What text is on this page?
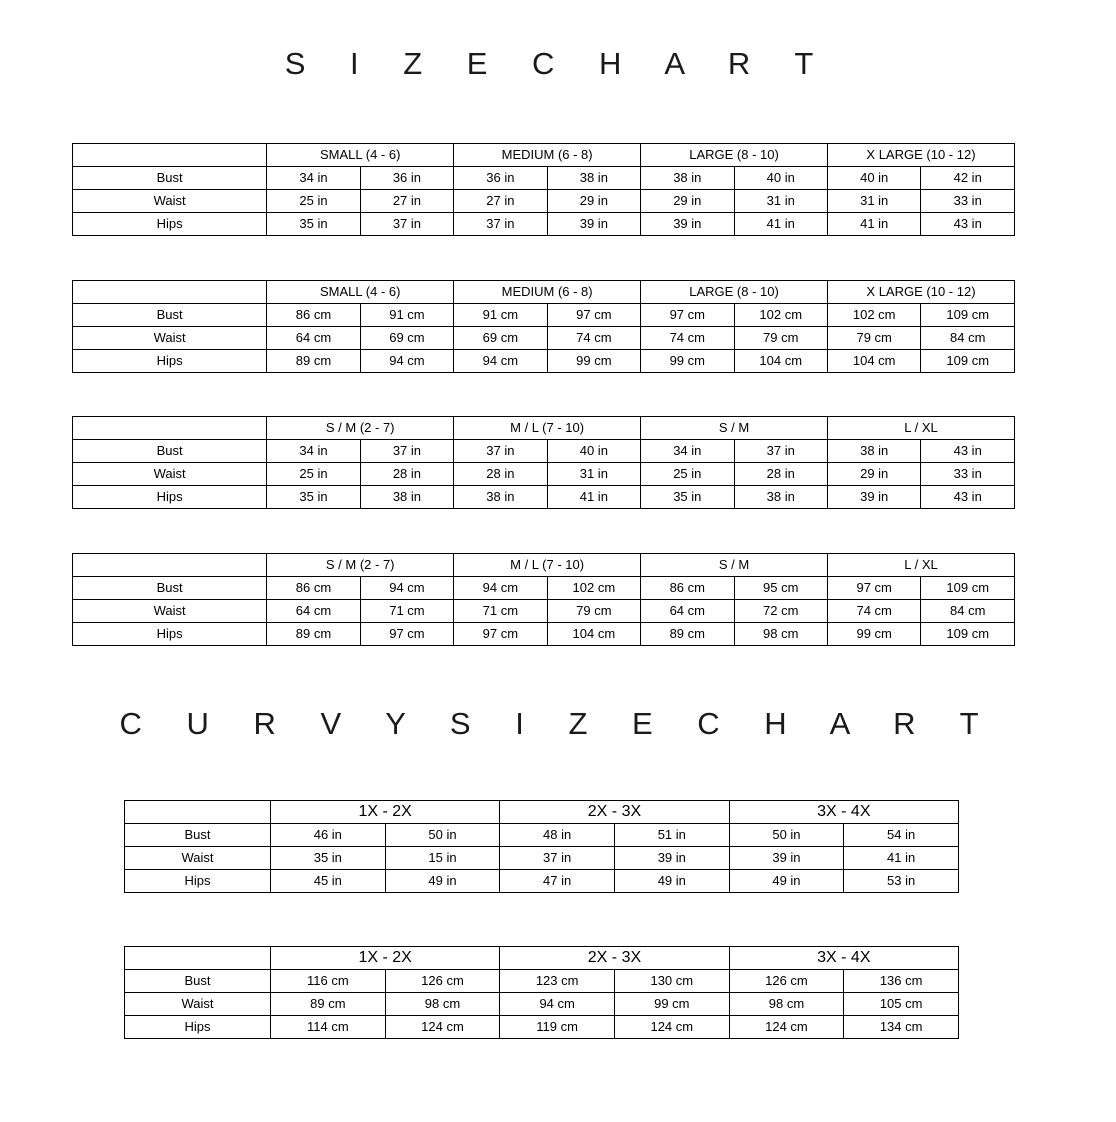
S I Z E C H A R T
	SMALL (4 - 6)		MEDIUM (6 - 8)		LARGE (8 - 10)		X LARGE (10 - 12)	
Bust	34 in	36 in	36 in	38 in	38 in	40 in	40 in	42 in
Waist	25 in	27 in	27 in	29 in	29 in	31 in	31 in	33 in
Hips	35 in	37 in	37 in	39 in	39 in	41 in	41 in	43 in
	SMALL (4 - 6)		MEDIUM (6 - 8)		LARGE (8 - 10)		X LARGE (10 - 12)	
Bust	86 cm	91 cm	91 cm	97 cm	97 cm	102 cm	102 cm	109 cm
Waist	64 cm	69 cm	69 cm	74 cm	74 cm	79 cm	79 cm	84 cm
Hips	89 cm	94 cm	94 cm	99 cm	99 cm	104 cm	104 cm	109 cm
	S / M (2 - 7)		M / L (7 - 10)		S / M		L / XL	
Bust	34 in	37 in	37 in	40 in	34 in	37 in	38 in	43 in
Waist	25 in	28 in	28 in	31 in	25 in	28 in	29 in	33 in
Hips	35 in	38 in	38 in	41 in	35 in	38 in	39 in	43 in
	S / M (2 - 7)		M / L (7 - 10)		S / M		L / XL	
Bust	86 cm	94 cm	94 cm	102 cm	86 cm	95 cm	97 cm	109 cm
Waist	64 cm	71 cm	71 cm	79 cm	64 cm	72 cm	74 cm	84 cm
Hips	89 cm	97 cm	97 cm	104 cm	89 cm	98 cm	99 cm	109 cm
C U R V Y S I Z E C H A R T
	1X - 2X		2X - 3X		3X - 4X	
Bust	46 in	50 in	48 in	51 in	50 in	54 in
Waist	35 in	15 in	37 in	39 in	39 in	41 in
Hips	45 in	49 in	47 in	49 in	49 in	53 in
	1X - 2X		2X - 3X		3X - 4X	
Bust	116 cm	126 cm	123 cm	130 cm	126 cm	136 cm
Waist	89 cm	98 cm	94 cm	99 cm	98 cm	105 cm
Hips	114 cm	124 cm	119 cm	124 cm	124 cm	134 cm
